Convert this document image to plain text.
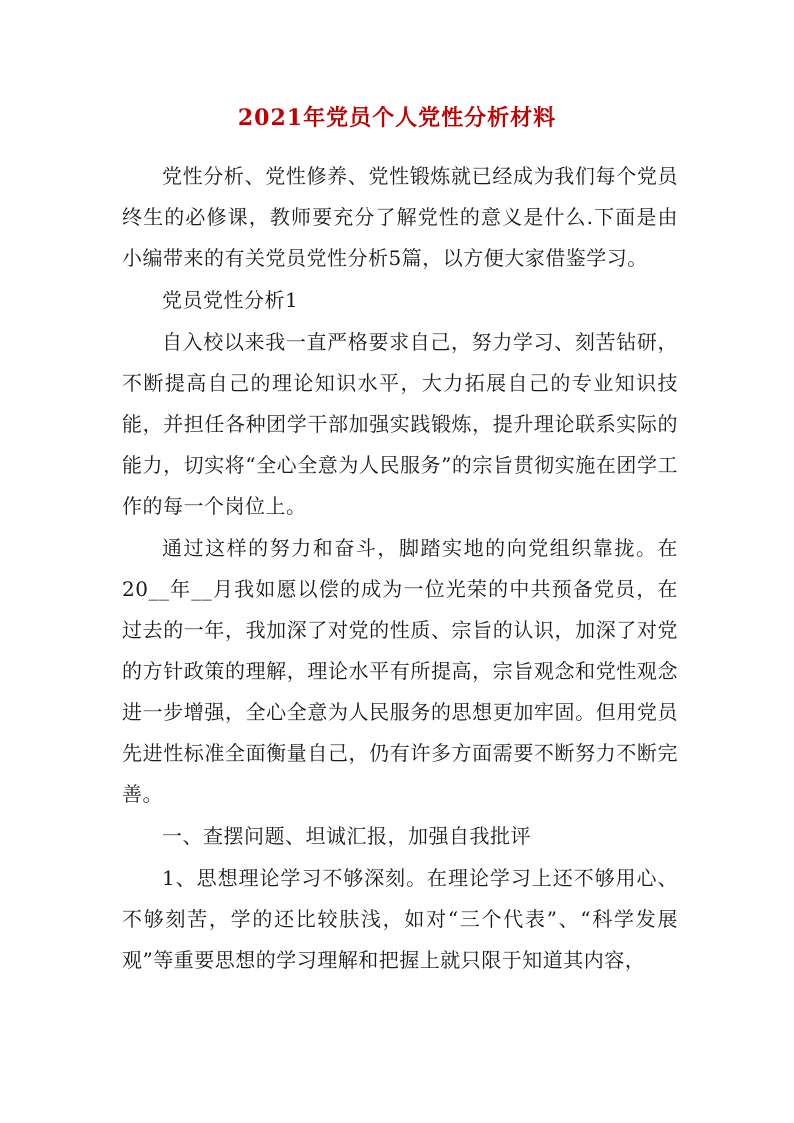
2021年党员个人党性分析材料

党性分析、党性修养、党性锻炼就已经成为我们每个党员终生的必修课，教师要充分了解党性的意义是什么.下面是由小编带来的有关党员党性分析5篇，以方便大家借鉴学习。

党员党性分析1

自入校以来我一直严格要求自己，努力学习、刻苦钻研，不断提高自己的理论知识水平，大力拓展自己的专业知识技能，并担任各种团学干部加强实践锻炼，提升理论联系实际的能力，切实将“全心全意为人民服务”的宗旨贯彻实施在团学工作的每一个岗位上。

通过这样的努力和奋斗，脚踏实地的向党组织靠拢。在20__年__月我如愿以偿的成为一位光荣的中共预备党员，在过去的一年，我加深了对党的性质、宗旨的认识，加深了对党的方针政策的理解，理论水平有所提高，宗旨观念和党性观念进一步增强，全心全意为人民服务的思想更加牢固。但用党员先进性标准全面衡量自己，仍有许多方面需要不断努力不断完善。

一、查摆问题、坦诚汇报，加强自我批评

1、思想理论学习不够深刻。在理论学习上还不够用心、不够刻苦，学的还比较肤浅，如对“三个代表”、“科学发展观”等重要思想的学习理解和把握上就只限于知道其内容，
